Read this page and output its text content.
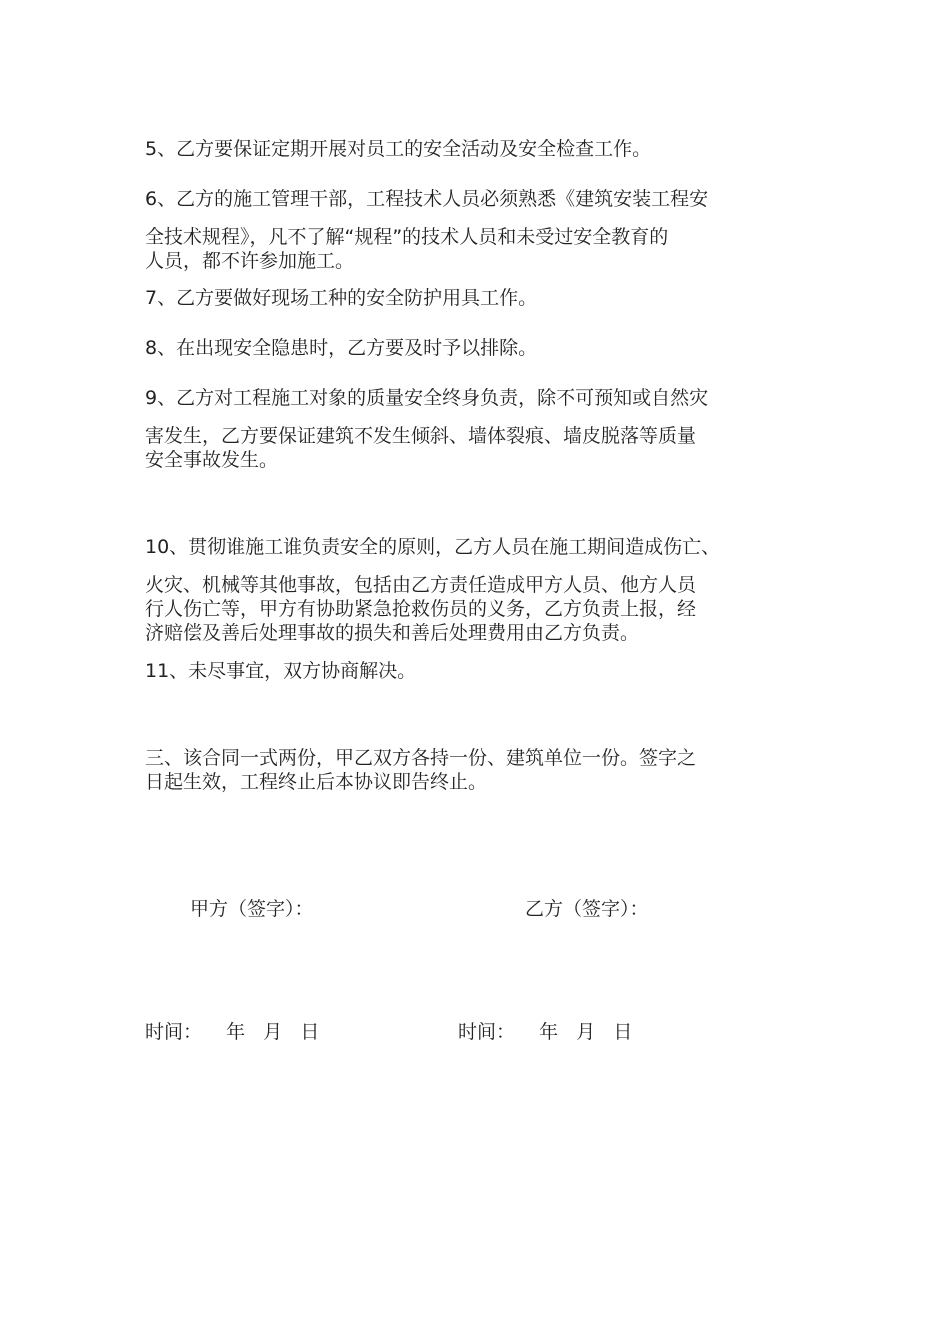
5、乙方要保证定期开展对员工的安全活动及安全检查工作。
6、乙方的施工管理干部，工程技术人员必须熟悉《建筑安装工程安
全技术规程》，凡不了解“规程”的技术人员和未受过安全教育的
人员，都不许参加施工。
7、乙方要做好现场工种的安全防护用具工作。
8、在出现安全隐患时，乙方要及时予以排除。
9、乙方对工程施工对象的质量安全终身负责，除不可预知或自然灾
害发生，乙方要保证建筑不发生倾斜、墙体裂痕、墙皮脱落等质量
安全事故发生。
10、贯彻谁施工谁负责安全的原则，乙方人员在施工期间造成伤亡、
火灾、机械等其他事故，包括由乙方责任造成甲方人员、他方人员
行人伤亡等，甲方有协助紧急抢救伤员的义务，乙方负责上报，经
济赔偿及善后处理事故的损失和善后处理费用由乙方负责。
11、未尽事宜，双方协商解决。
三、该合同一式两份，甲乙双方各持一份、建筑单位一份。签字之
日起生效，工程终止后本协议即告终止。
甲方（签字）：	乙方（签字）：
时间：    年   月   日	时间：    年   月   日
